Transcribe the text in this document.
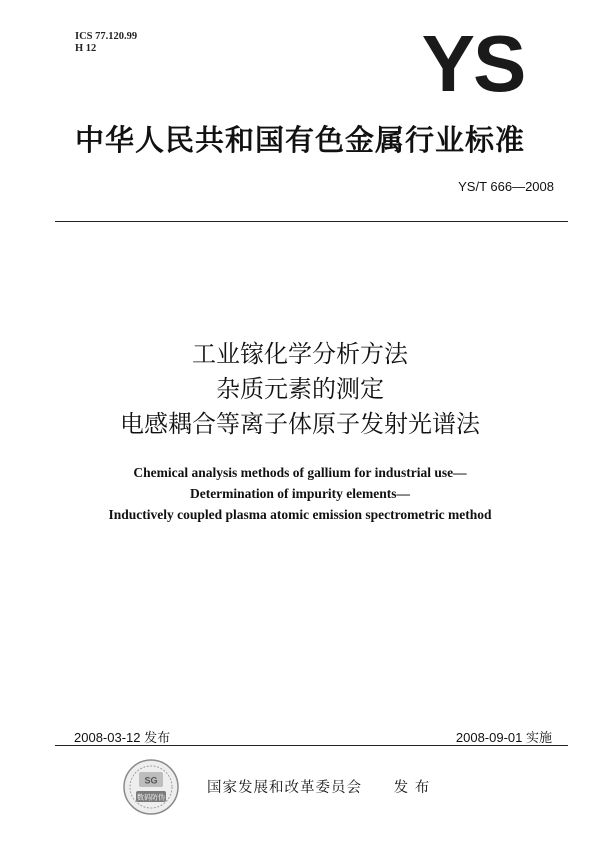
ICS 77.120.99
H 12	YS
中华人民共和国有色金属行业标准
YS/T 666—2008
工业镓化学分析方法
杂质元素的测定
电感耦合等离子体原子发射光谱法
Chemical analysis methods of gallium for industrial use—
Determination of impurity elements—
Inductively coupled plasma atomic emission spectrometric method
2008-03-12 发布	2008-09-01 实施
SG
数码防伪
国家发展和改革委员会 发 布
